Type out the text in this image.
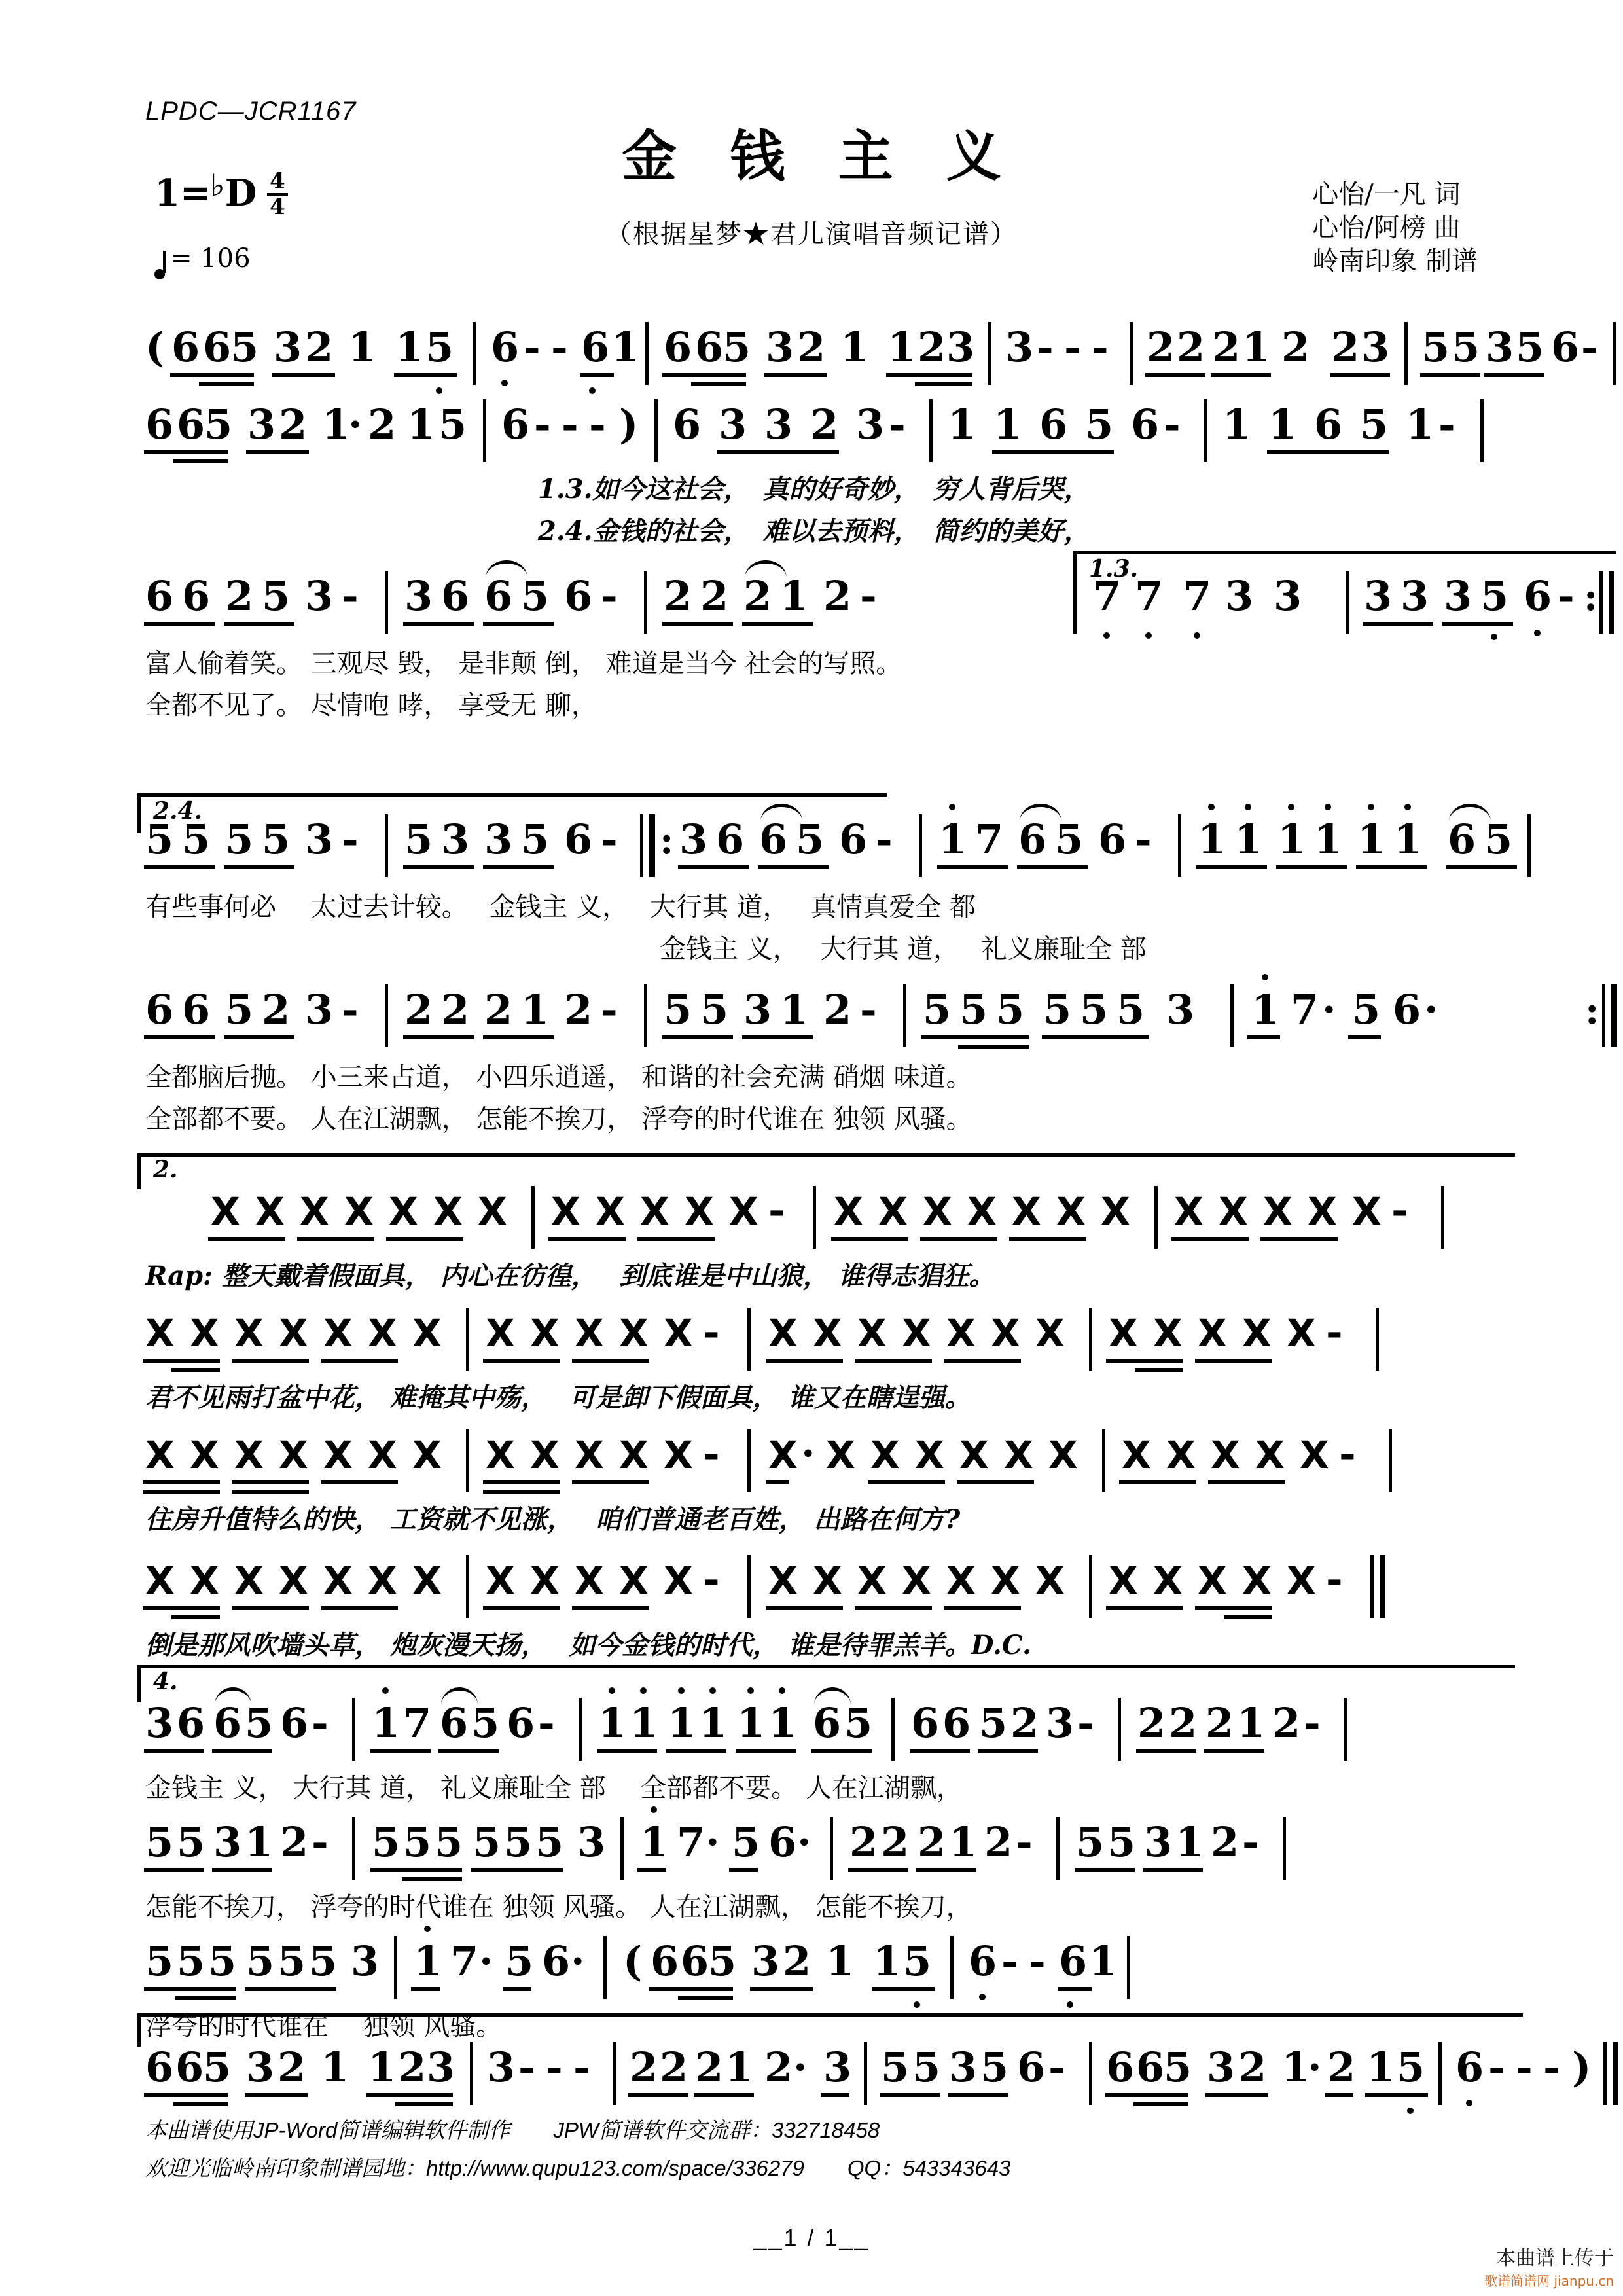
LPDC—JCR1167
金 钱 主 义
（根据星梦★君儿演唱音频记谱）
心怡/一凡 词
心怡/阿榜 曲
岭南印象 制谱
1= ♭ D $\frac{4}{4}$
= 106
( 6 6
5 3 2 1 1 5 6 - - 6 1 6 6
5 3 2 1 1 2 3 3 - - - 2 2 2 1 2 2 3 5 5 3 5 6 -
6 6
5 3 2 1
· 2 1 5 6 - - - ) 6 3 3 2 3 - 1 1 6 5 6 - 1 1 6 5 1 -
1.3.如今这社会，　真的好奇妙，　穷人背后哭，
2.4.金钱的社会，　难以去预料，　简约的美好，
1.3.
6 6 2 5 3 - 3 6 6 5 6 - 2 2 2 1 2 -	7 7 7 3 3 3 3 3 5 6 - :
富人偷着笑。 三观尽 毁， 是非颠 倒， 难道是当今 社会的写照。
全都不见了。 尽情咆 哮， 享受无 聊，
2.4.
5 5 5 5 3 - 5 3 3 5 6 - : 3 6 6 5 6 - 1 7 6 5 6 - 1 1 1 1 1 1 6 5
有些事何必　 太过去计较。　 金钱主 义，　 大行其 道，　 真情真爱全 都
金钱主 义，　 大行其 道，　 礼义廉耻全 部
6 6 5 2 3 - 2 2 2 1 2 - 5 5 3 1 2 - 5 5 5 5 5 5 3 1 7 · 5 6 ·	:
全都脑后抛。 小三来占道， 小四乐逍遥， 和谐的社会充满 硝烟 味道。
全部都不要。 人在江湖飘， 怎能不挨刀， 浮夸的时代谁在 独领 风骚。
2.
X X X X X X X X X X X X - X X X X X X X X X X X X -
Rap: 整天戴着假面具， 内心在彷徨，　 到底谁是中山狼， 谁得志猖狂。
X X X X X X X X X X X X - X X X X X X X X X X X X -
君不见雨打盆中花， 难掩其中殇，　 可是卸下假面具， 谁又在瞎逞强。
X X X X X X X X X X X X - X · X X X X X X X X X X X -
住房升值特么的快， 工资就不见涨，　 咱们普通老百姓， 出路在何方?
X X X X X X X X X X X X - X X X X X X X X X X X X -
倒是那风吹墙头草， 炮灰漫天扬，　 如今金钱的时代， 谁是待罪羔羊。D.C.
4.
3 6 6 5 6 - 1 7 6 5 6 - 1 1 1 1 1 1 6 5 6 6 5 2 3 - 2 2 2 1 2 -
金钱主 义， 大行其 道， 礼义廉耻全 部　 全部都不要。 人在江湖飘，
5 5 3 1 2 - 5 5 5 5 5 5 3 1 7 · 5 6 · 2 2 2 1 2 - 5 5 3 1 2 -
怎能不挨刀， 浮夸的时代谁在 独领 风骚。 人在江湖飘， 怎能不挨刀，
5 5 5 5 5 5 3 1 7 · 5 6 · ( 6 6
5 3 2 1 1 5 6 - - 6 1
浮夸的时代谁在　 独领 风骚。
6 6
5 3 2 1 1 2 3 3 - - - 2 2 2 1 2 · 3 5 5 3 5 6 - 6 6
5 3 2 1
· 2 1 5 6 - - - )
本曲谱使用JP-Word简谱编辑软件制作　　JPW简谱软件交流群：332718458
欢迎光临岭南印象制谱园地：http://www.qupu123.com/space/336279　　QQ：543343643
__1 / 1__
本曲谱上传于
歌谱简谱网 jianpu.cn
